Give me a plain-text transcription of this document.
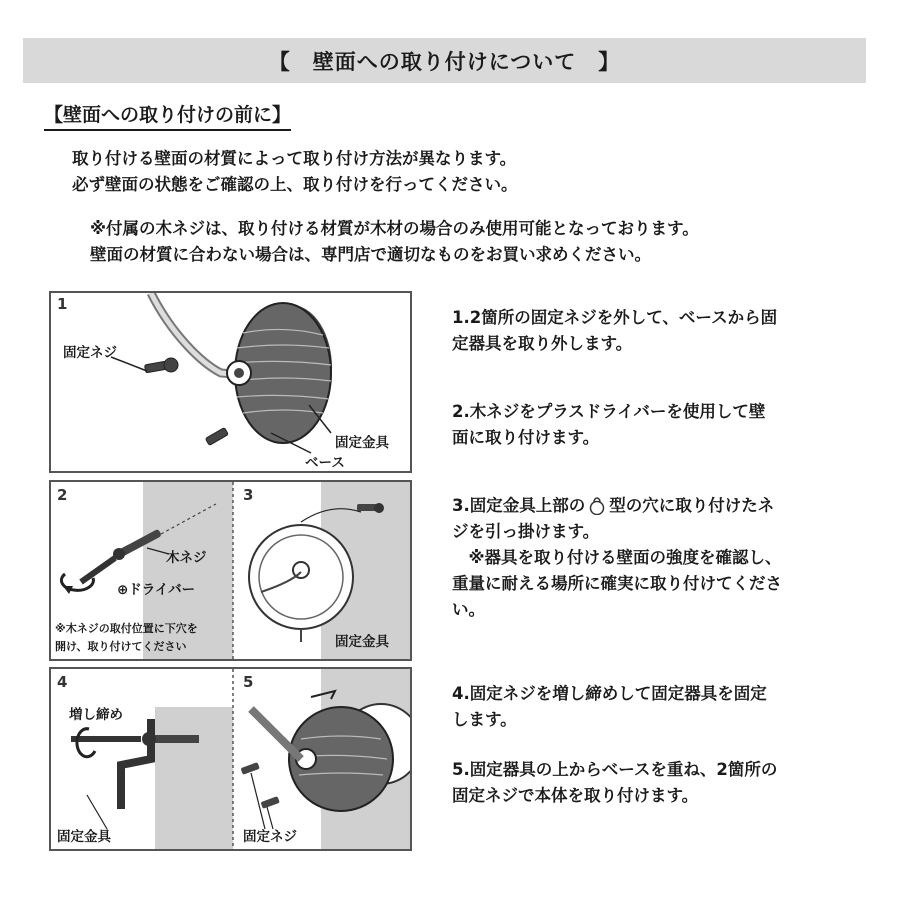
【　壁面への取り付けについて　】
【壁面への取り付けの前に】

取り付ける壁面の材質によって取り付け方法が異なります。

必ず壁面の状態をご確認の上、取り付けを行ってください。

※付属の木ネジは、取り付ける材質が木材の場合のみ使用可能となっております。

壁面の材質に合わない場合は、専門店で適切なものをお買い求めください。

1
固定ネジ
固定金具
ベース
2	3
木ネジ
⊕ドライバー
※木ネジの取付位置に下穴を
開け、取り付けてください	固定金具
4	5
増し締め
固定金具	固定ネジ

1.2箇所の固定ネジを外して、ベースから固

定器具を取り外します。

2.木ネジをプラスドライバーを使用して壁

面に取り付けます。

3.固定金具上部の 型の穴に取り付けたネ

ジを引っ掛けます。

　※器具を取り付ける壁面の強度を確認し、

重量に耐える場所に確実に取り付けてくださ

い。

4.固定ネジを増し締めして固定器具を固定

します。

5.固定器具の上からベースを重ね、2箇所の

固定ネジで本体を取り付けます。
